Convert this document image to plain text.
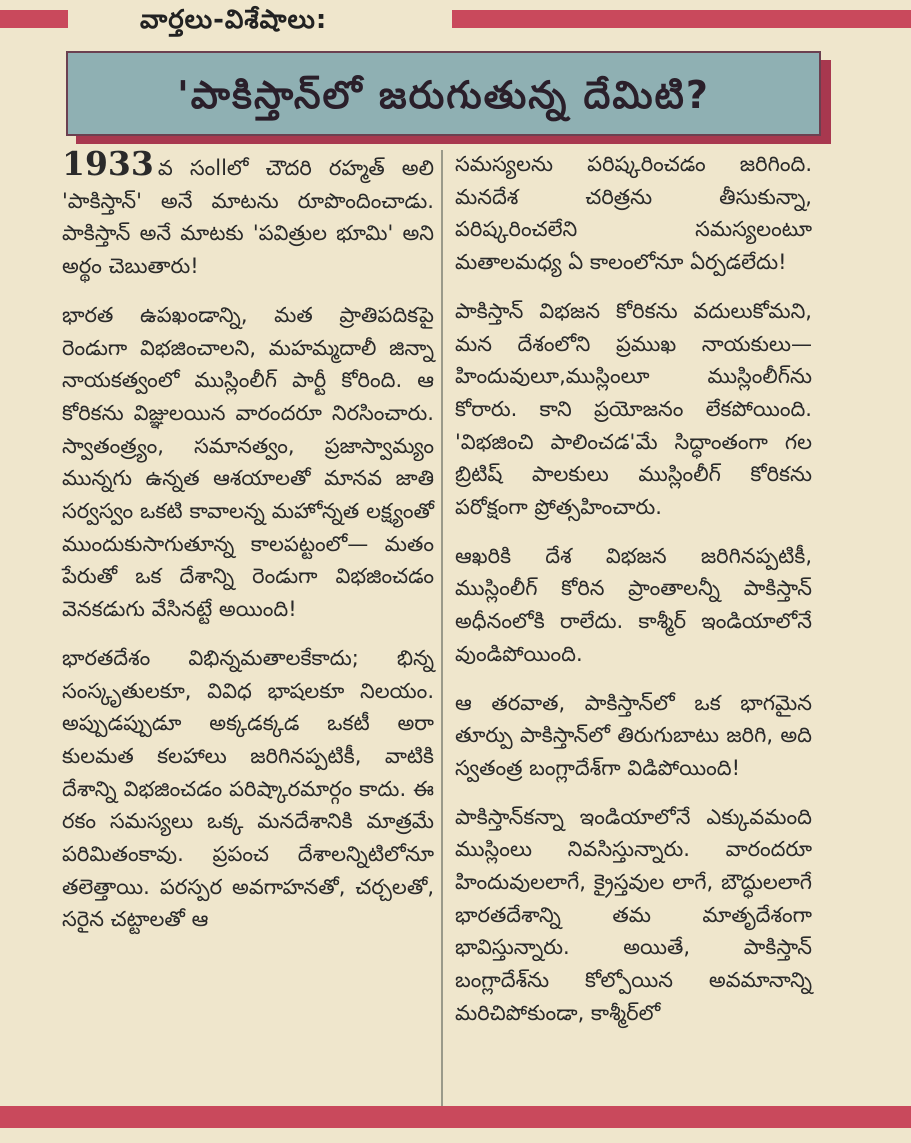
వార్తలు-విశేషాలు:
'పాకిస్తాన్‌లో జరుగుతున్న దేమిటి?

1933 వ సంllలో చౌదరి రహ్మత్ అలి 'పాకిస్తాన్' అనే మాటను రూపొందించాడు. పాకిస్తాన్ అనే మాటకు 'పవిత్రుల భూమి' అని అర్థం చెబుతారు!

భారత ఉపఖండాన్ని, మత ప్రాతిపదికపై రెండుగా విభజించాలని, మహమ్మదాలీ జిన్నా నాయకత్వంలో ముస్లింలీగ్ పార్టీ కోరింది. ఆ కోరికను విజ్ఞులయిన వారందరూ నిరసించారు. స్వాతంత్ర్యం, సమానత్వం, ప్రజాస్వామ్యం మున్నగు ఉన్నత ఆశయాలతో మానవ జాతి సర్వస్వం ఒకటి కావాలన్న మహోన్నత లక్ష్యంతో ముందుకుసాగుతూన్న కాలపట్టంలో— మతం పేరుతో ఒక దేశాన్ని రెండుగా విభజించడం వెనకడుగు వేసినట్టే అయింది!

భారతదేశం విభిన్నమతాలకేకాదు; భిన్న సంస్కృతులకూ, వివిధ భాషలకూ నిలయం. అప్పుడప్పుడూ అక్కడక్కడ ఒకటీ అరా కులమత కలహాలు జరిగినప్పటికీ, వాటికి దేశాన్ని విభజించడం పరిష్కారమార్గం కాదు. ఈ రకం సమస్యలు ఒక్క మనదేశానికి మాత్రమే పరిమితంకావు. ప్రపంచ దేశాలన్నిటిలోనూ తలెత్తాయి. పరస్పర అవగాహనతో, చర్చలతో, సరైన చట్టాలతో ఆ

సమస్యలను పరిష్కరించడం జరిగింది. మనదేశ చరిత్రను తీసుకున్నా, పరిష్కరించలేని సమస్యలంటూ మతాలమధ్య ఏ కాలంలోనూ ఏర్పడలేదు!

పాకిస్తాన్ విభజన కోరికను వదులుకోమని, మన దేశంలోని ప్రముఖ నాయకులు—హిందువులూ,ముస్లింలూ ముస్లింలీగ్‌ను కోరారు. కాని ప్రయోజనం లేకపోయింది. 'విభజించి పాలించడ'మే సిద్ధాంతంగా గల బ్రిటిష్ పాలకులు ముస్లింలీగ్ కోరికను పరోక్షంగా ప్రోత్సహించారు.

ఆఖరికి దేశ విభజన జరిగినప్పటికీ, ముస్లింలీగ్ కోరిన ప్రాంతాలన్నీ పాకిస్తాన్ అధీనంలోకి రాలేదు. కాశ్మీర్ ఇండియాలోనే వుండిపోయింది.

ఆ తరవాత, పాకిస్తాన్‌లో ఒక భాగమైన తూర్పు పాకిస్తాన్‌లో తిరుగుబాటు జరిగి, అది స్వతంత్ర బంగ్లాదేశ్‌గా విడిపోయింది!

పాకిస్తాన్‌కన్నా ఇండియాలోనే ఎక్కువమంది ముస్లింలు నివసిస్తున్నారు. వారందరూ హిందువులలాగే, క్రైస్తవుల లాగే, బౌద్ధులలాగే భారతదేశాన్ని తమ మాతృదేశంగా భావిస్తున్నారు. అయితే, పాకిస్తాన్ బంగ్లాదేశ్‌ను కోల్పోయిన అవమానాన్ని మరిచిపోకుండా, కాశ్మీర్‌లో
